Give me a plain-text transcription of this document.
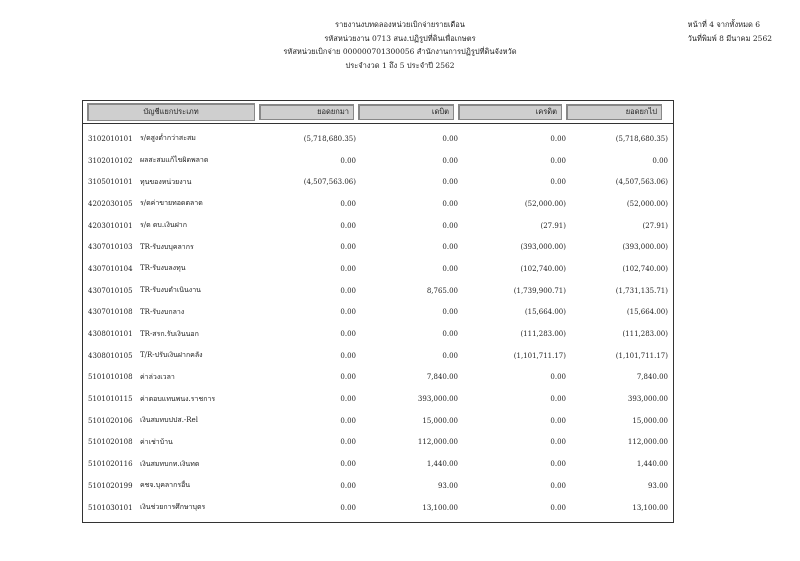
รายงานงบทดลองหน่วยเบิกจ่ายรายเดือน
รหัสหน่วยงาน 0713 สนง.ปฏิรูปที่ดินเพื่อเกษตร
รหัสหน่วยเบิกจ่าย 000000701300056 สำนักงานการปฏิรูปที่ดินจังหวัด
ประจำงวด 1 ถึง 5 ประจำปี 2562
หน้าที่ 4 จากทั้งหมด 6
วันที่พิมพ์ 8 มีนาคม 2562
บัญชีแยกประเภท	ยอดยกมา	เดบิต	เครดิต	ยอดยกไป
3102010101	ร/ดสูงต่ำกว่าสะสม	(5,718,680.35)	0.00	0.00	(5,718,680.35)
3102010102	ผลสะสมแก้ไขผิดพลาด	0.00	0.00	0.00	0.00
3105010101	ทุนของหน่วยงาน	(4,507,563.06)	0.00	0.00	(4,507,563.06)
4202030105	ร/ดค่าขายทอดตลาด	0.00	0.00	(52,000.00)	(52,000.00)
4203010101	ร/ด ดบ.เงินฝาก	0.00	0.00	(27.91)	(27.91)
4307010103	TR-รับงบบุคลากร	0.00	0.00	(393,000.00)	(393,000.00)
4307010104	TR-รับงบลงทุน	0.00	0.00	(102,740.00)	(102,740.00)
4307010105	TR-รับงบดำเนินงาน	0.00	8,765.00	(1,739,900.71)	(1,731,135.71)
4307010108	TR-รับงบกลาง	0.00	0.00	(15,664.00)	(15,664.00)
4308010101	TR-สรก.รับเงินนอก	0.00	0.00	(111,283.00)	(111,283.00)
4308010105	T/R-ปรับเงินฝากคลัง	0.00	0.00	(1,101,711.17)	(1,101,711.17)
5101010108	ค่าล่วงเวลา	0.00	7,840.00	0.00	7,840.00
5101010115	ค่าตอบแทนพนง.ราชการ	0.00	393,000.00	0.00	393,000.00
5101020106	เงินสมทบปปส.-Rel	0.00	15,000.00	0.00	15,000.00
5101020108	ค่าเช่าบ้าน	0.00	112,000.00	0.00	112,000.00
5101020116	เงินสมทบกท.เงินทด	0.00	1,440.00	0.00	1,440.00
5101020199	คชจ.บุคลากรอื่น	0.00	93.00	0.00	93.00
5101030101	เงินช่วยการศึกษาบุตร	0.00	13,100.00	0.00	13,100.00
